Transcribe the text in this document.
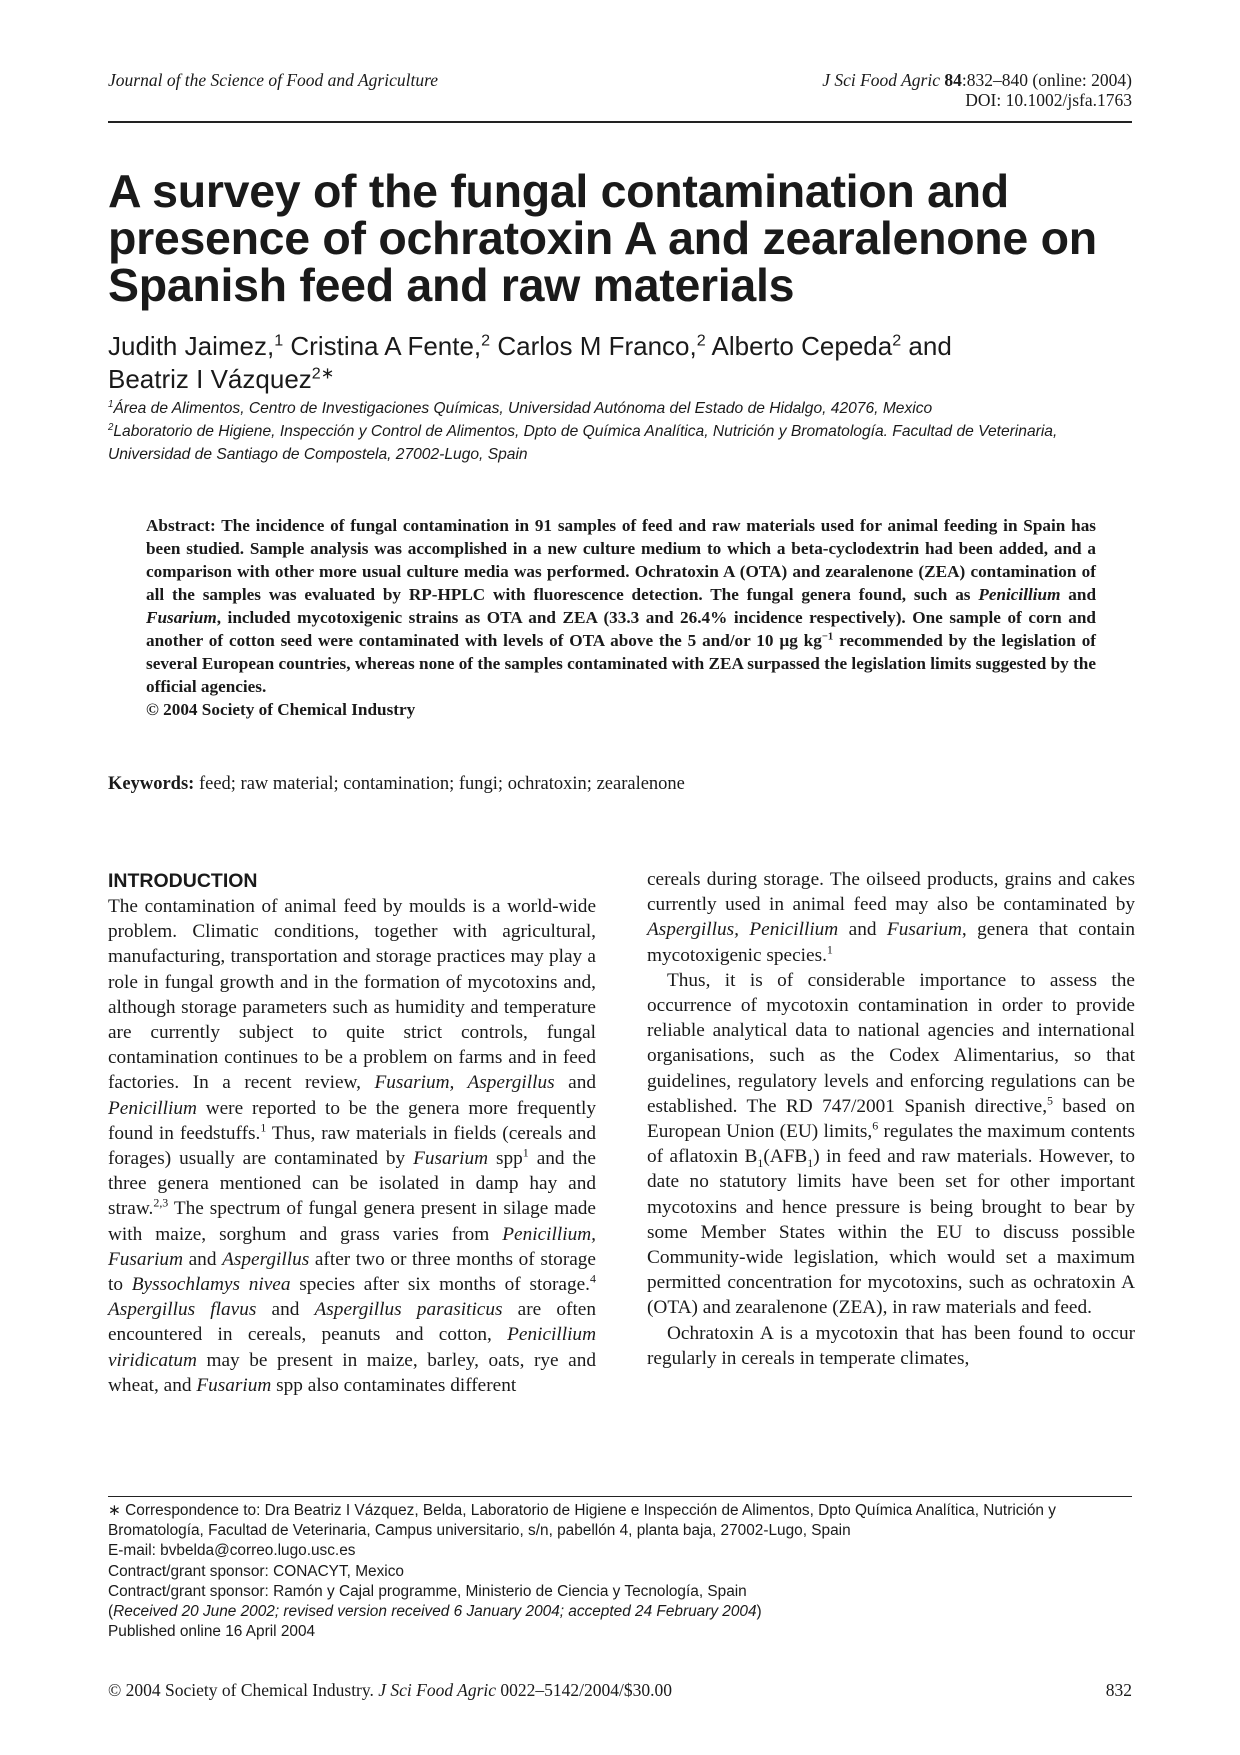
Journal of the Science of Food and Agriculture	J Sci Food Agric 84:832–840 (online: 2004)
DOI: 10.1002/jsfa.1763
A survey of the fungal contamination and presence of ochratoxin A and zearalenone on Spanish feed and raw materials
Judith Jaimez,$^1$ Cristina A Fente,$^2$ Carlos M Franco,$^2$ Alberto Cepeda$^2$ and
Beatriz I Vázquez$^{2∗}$
$^1$Área de Alimentos, Centro de Investigaciones Químicas, Universidad Autónoma del Estado de Hidalgo, 42076, Mexico
$^2$Laboratorio de Higiene, Inspección y Control de Alimentos, Dpto de Química Analítica, Nutrición y Bromatología. Facultad de Veterinaria, Universidad de Santiago de Compostela, 27002-Lugo, Spain
Abstract: The incidence of fungal contamination in 91 samples of feed and raw materials used for animal feeding in Spain has been studied. Sample analysis was accomplished in a new culture medium to which a beta-cyclodextrin had been added, and a comparison with other more usual culture media was performed. Ochratoxin A (OTA) and zearalenone (ZEA) contamination of all the samples was evaluated by RP-HPLC with fluorescence detection. The fungal genera found, such as Penicillium and Fusarium, included mycotoxigenic strains as OTA and ZEA (33.3 and 26.4% incidence respectively). One sample of corn and another of cotton seed were contaminated with levels of OTA above the 5 and/or 10 µg $kg^{-1}$ recommended by the legislation of several European countries, whereas none of the samples contaminated with ZEA surpassed the legislation limits suggested by the official agencies.
© 2004 Society of Chemical Industry
Keywords: feed; raw material; contamination; fungi; ochratoxin; zearalenone
INTRODUCTION

The contamination of animal feed by moulds is a world-wide problem. Climatic conditions, together with agricultural, manufacturing, transportation and storage practices may play a role in fungal growth and in the formation of mycotoxins and, although storage parameters such as humidity and temperature are currently subject to quite strict controls, fungal contamination continues to be a problem on farms and in feed factories. In a recent review, Fusarium, Aspergillus and Penicillium were reported to be the genera more frequently found in feedstuffs.$^1$ Thus, raw materials in fields (cereals and forages) usually are contaminated by Fusarium spp$^1$ and the three genera mentioned can be isolated in damp hay and straw.$^{2,3}$ The spectrum of fungal genera present in silage made with maize, sorghum and grass varies from Penicillium, Fusarium and Aspergillus after two or three months of storage to Byssochlamys nivea species after six months of storage.$^4$ Aspergillus flavus and Aspergillus parasiticus are often encountered in cereals, peanuts and cotton, Penicillium viridicatum may be present in maize, barley, oats, rye and wheat, and Fusarium spp also contaminates different

cereals during storage. The oilseed products, grains and cakes currently used in animal feed may also be contaminated by Aspergillus, Penicillium and Fusarium, genera that contain mycotoxigenic species.$^1$

Thus, it is of considerable importance to assess the occurrence of mycotoxin contamination in order to provide reliable analytical data to national agencies and international organisations, such as the Codex Alimentarius, so that guidelines, regulatory levels and enforcing regulations can be established. The RD 747/2001 Spanish directive,$^5$ based on European Union (EU) limits,$^6$ regulates the maximum contents of aflatoxin $B_1(AFB_1)$ in feed and raw materials. However, to date no statutory limits have been set for other important mycotoxins and hence pressure is being brought to bear by some Member States within the EU to discuss possible Community-wide legislation, which would set a maximum permitted concentration for mycotoxins, such as ochratoxin A (OTA) and zearalenone (ZEA), in raw materials and feed.

Ochratoxin A is a mycotoxin that has been found to occur regularly in cereals in temperate climates,

∗ Correspondence to: Dra Beatriz I Vázquez, Belda, Laboratorio de Higiene e Inspección de Alimentos, Dpto Química Analítica, Nutrición y Bromatología, Facultad de Veterinaria, Campus universitario, s/n, pabellón 4, planta baja, 27002-Lugo, Spain
E-mail: bvbelda@correo.lugo.usc.es
Contract/grant sponsor: CONACYT, Mexico
Contract/grant sponsor: Ramón y Cajal programme, Ministerio de Ciencia y Tecnología, Spain
(Received 20 June 2002; revised version received 6 January 2004; accepted 24 February 2004)
Published online 16 April 2004
© 2004 Society of Chemical Industry. J Sci Food Agric 0022–5142/2004/$30.00	832
